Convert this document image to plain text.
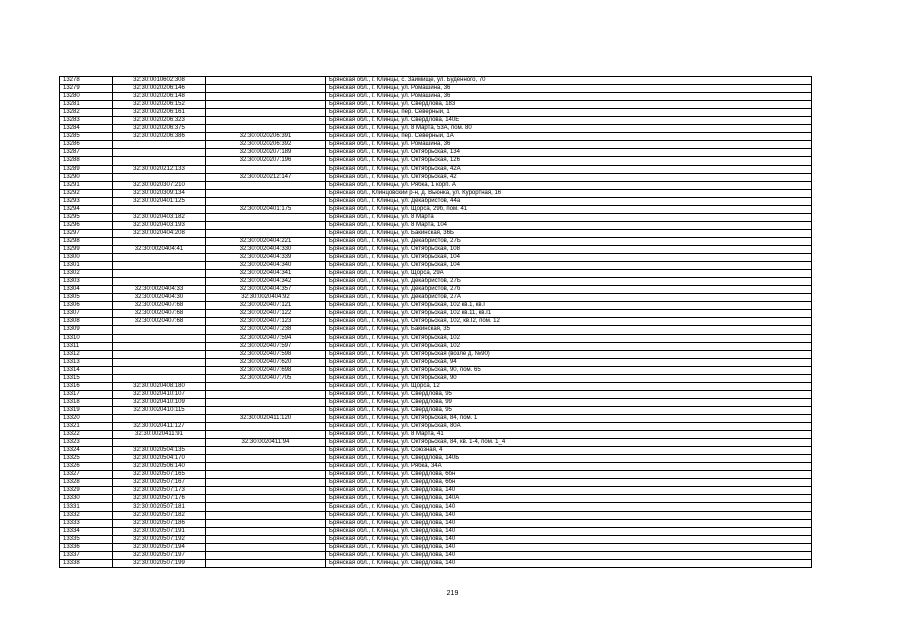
13278	32:30:0010602:308		Брянская обл., г. Клинцы, с. Займище, ул. Буденного, 70
13279	32:30:0020206:146		Брянская обл., г. Клинцы, ул. Ромашина, 36
13280	32:30:0020206:148		Брянская обл., г. Клинцы, ул. Ромашина, 36
13281	32:30:0020206:152		Брянская обл., г. Клинцы, ул. Свердлова, 183
13282	32:30:0020206:161		Брянская обл., г. Клинцы, пер. Северный, 1
13283	32:30:0020206:323		Брянская обл., г. Клинцы, ул. Свердлова, 140Е
13284	32:30:0020206:375		Брянская обл., г. Клинцы, ул. 8 Марта, 53А, пом. 80
13285	32:30:0020206:386	32:30:0020206:391	Брянская обл., г. Клинцы, пер. Северный, 1А
13286		32:30:0020206:392	Брянская обл., г. Клинцы, ул. Ромашина, 36
13287		32:30:0020207:189	Брянская обл., г. Клинцы, ул. Октябрьская, 134
13288		32:30:0020207:196	Брянская обл., г. Клинцы, ул. Октябрьская, 126
13289	32:30:0020212:133		Брянская обл., г. Клинцы, ул. Октябрьская, 42А
13290		32:30:0020212:147	Брянская обл., г. Клинцы, ул. Октябрьская, 42
13291	32:30:0020307:210		Брянская обл., г. Клинцы, ул. Рябка, 1 корп. А
13292	32:30:0020309:134		Брянская обл., Клинцовский р-н, д. Вьюнка, ул. Курортная, 16
13293	32:30:0020401:125		Брянская обл., г. Клинцы, ул. Декабристов, 44а
13294		32:30:0020401:175	Брянская обл., г. Клинцы, ул. Щорса, 29б, пом. 41
13295	32:30:0020403:182		Брянская обл., г. Клинцы, ул. 8 Марта
13296	32:30:0020403:193		Брянская обл., г. Клинцы, ул. 8 Марта, 104
13297	32:30:0020404:208		Брянская обл., г. Клинцы, ул. Бакинская, 36Б
13298		32:30:0020404:221	Брянская обл., г. Клинцы, ул. Декабристов, 27Б
13299	32:30:0020404:41	32:30:0020404:330	Брянская обл., г. Клинцы, ул. Октябрьская, 108
13300		32:30:0020404:339	Брянская обл., г. Клинцы, ул. Октябрьская, 104
13301		32:30:0020404:340	Брянская обл., г. Клинцы, ул. Октябрьская, 104
13302		32:30:0020404:341	Брянская обл., г. Клинцы, ул. Щорса, 29А
13303		32:30:0020404:342	Брянская обл., г. Клинцы, ул. Декабристов, 27Б
13304	32:30:0020404:33	32:30:0020404:357	Брянская обл., г. Клинцы, ул. Декабристов, 27б
13305	32:30:0020404:30	32:30:0020404:92	Брянская обл., г. Клинцы, ул. Декабристов, 27А
13306	32:30:0020407:68	32:30:0020407:121	Брянская обл., г. Клинцы, ул. Октябрьская, 102 кв.1, кв.I
13307	32:30:0020407:68	32:30:0020407:122	Брянская обл., г. Клинцы, ул. Октябрьская, 102 кв.11, кв.I1
13308	32:30:0020407:68	32:30:0020407:123	Брянская обл., г. Клинцы, ул. Октябрьская, 102, кв.I2, пом. 12
13309		32:30:0020407:238	Брянская обл., г. Клинцы, ул. Бакинская, 35
13310		32:30:0020407:594	Брянская обл., г. Клинцы, ул. Октябрьская, 102
13311		32:30:0020407:597	Брянская обл., г. Клинцы, ул. Октябрьская, 102
13312		32:30:0020407:598	Брянская обл., г. Клинцы, ул. Октябрьская (возле д. №90)
13313		32:30:0020407:620	Брянская обл., г. Клинцы, ул. Октябрьская, 94
13314		32:30:0020407:698	Брянская обл., г. Клинцы, ул. Октябрьская, 90, пом. 65
13315		32:30:0020407:705	Брянская обл., г. Клинцы, ул. Октябрьская, 90
13316	32:30:0020408:180		Брянская обл., г. Клинцы, ул. Щорса, 12
13317	32:30:0020410:107		Брянская обл., г. Клинцы, ул. Свердлова, 95
13318	32:30:0020410:109		Брянская обл., г. Клинцы, ул. Свердлова, 99
13319	32:30:0020410:115		Брянская обл., г. Клинцы, ул. Свердлова, 95
13320		32:30:0020411:120	Брянская обл., г. Клинцы, ул. Октябрьская, 84, пом. 1
13321	32:30:0020411:127		Брянская обл., г. Клинцы, ул. Октябрьская, 80А
13322	32:30:0020411:91		Брянская обл., г. Клинцы, ул. 8 Марта, 41
13323		32:30:0020411:94	Брянская обл., г. Клинцы, ул. Октябрьская, 84, кв. 1-4, пом. 1_4
13324	32:30:0020504:135		Брянская обл., г. Клинцы, ул. Союзная, 4
13325	32:30:0020504:170		Брянская обл., г. Клинцы, ул. Свердлова, 140Б
13326	32:30:0020506:140		Брянская обл., г. Клинцы, ул. Рябка, 34А
13327	32:30:0020507:165		Брянская обл., г. Клинцы, ул. Свердлова, 6бн
13328	32:30:0020507:167		Брянская обл., г. Клинцы, ул. Свердлова, 6бн
13329	32:30:0020507:173		Брянская обл., г. Клинцы, ул. Свердлова, 140
13330	32:30:0020507:176		Брянская обл., г. Клинцы, ул. Свердлова, 140А
13331	32:30:0020507:181		Брянская обл., г. Клинцы, ул. Свердлова, 140
13332	32:30:0020507:182		Брянская обл., г. Клинцы, ул. Свердлова, 140
13333	32:30:0020507:186		Брянская обл., г. Клинцы, ул. Свердлова, 140
13334	32:30:0020507:191		Брянская обл., г. Клинцы, ул. Свердлова, 140
13335	32:30:0020507:192		Брянская обл., г. Клинцы, ул. Свердлова, 140
13336	32:30:0020507:194		Брянская обл., г. Клинцы, ул. Свердлова, 140
13337	32:30:0020507:197		Брянская обл., г. Клинцы, ул. Свердлова, 140
13338	32:30:0020507:199		Брянская обл., г. Клинцы, ул. Свердлова, 140
219
